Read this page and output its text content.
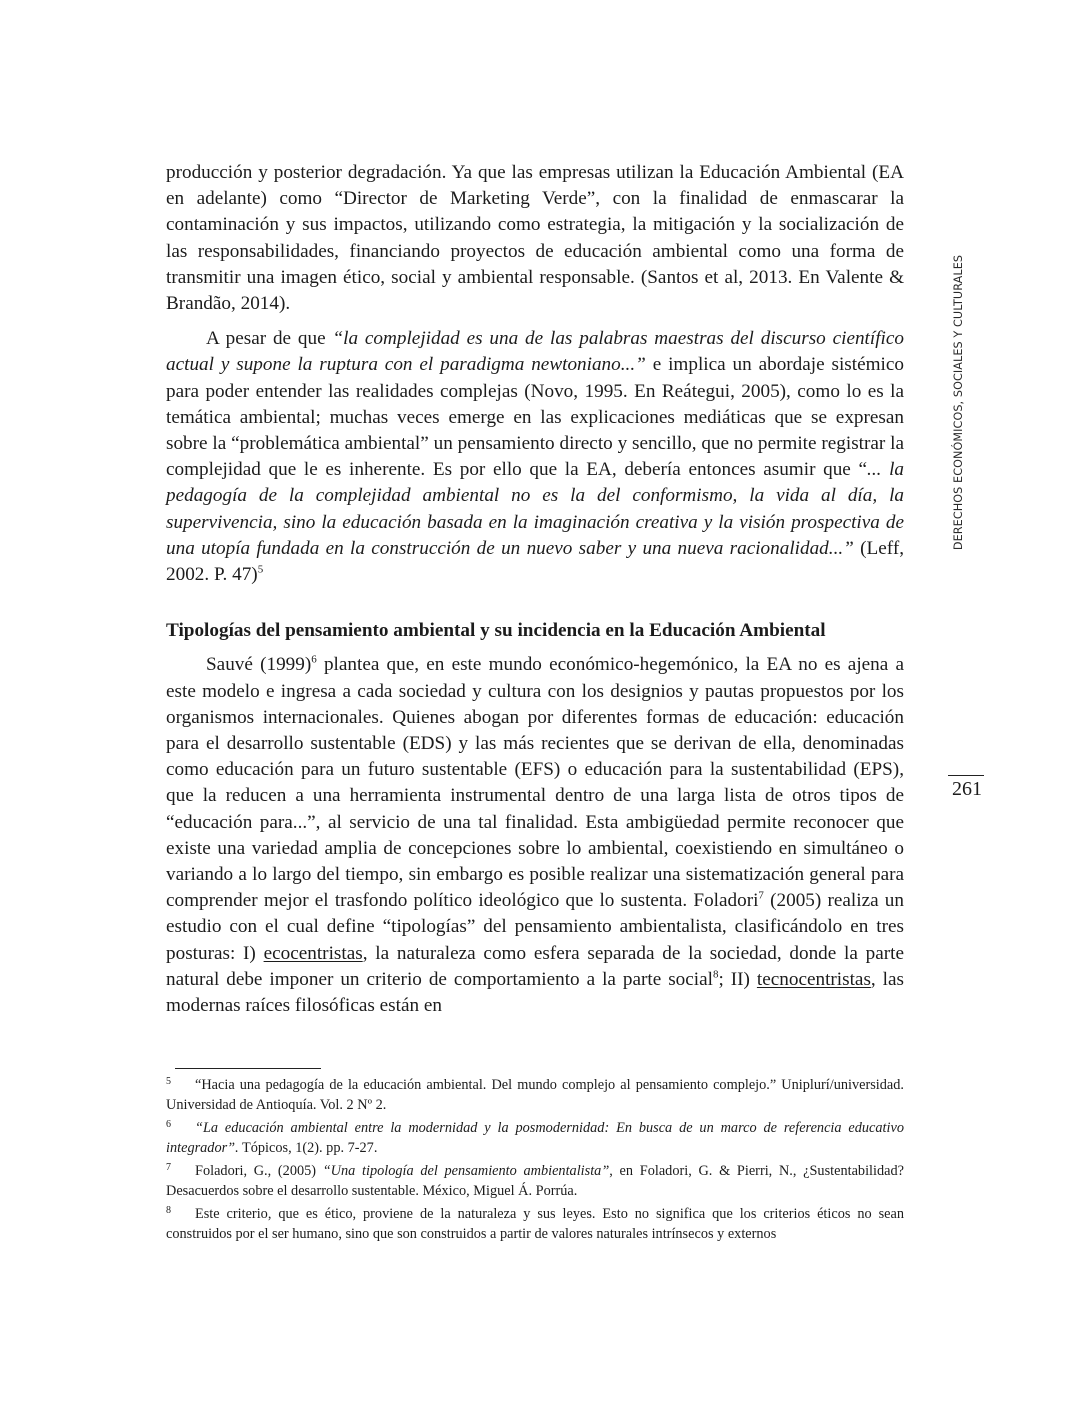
producción y posterior degradación. Ya que las empresas utilizan la Educación Ambiental (EA en adelante) como “Director de Marketing Verde”, con la finalidad de enmascarar la contaminación y sus impactos, utilizando como estrategia, la mitigación y la socialización de las responsabilidades, financiando proyectos de educación ambiental como una forma de transmitir una imagen ético, social y ambiental responsable. (Santos et al, 2013. En Valente & Brandão, 2014).

A pesar de que “la complejidad es una de las palabras maestras del discurso científico actual y supone la ruptura con el paradigma newtoniano...” e implica un abordaje sistémico para poder entender las realidades complejas (Novo, 1995. En Reátegui, 2005), como lo es la temática ambiental; muchas veces emerge en las explicaciones mediáticas que se expresan sobre la “problemática ambiental” un pensamiento directo y sencillo, que no permite registrar la complejidad que le es inherente. Es por ello que la EA, debería entonces asumir que “... la pedagogía de la complejidad ambiental no es la del conformismo, la vida al día, la supervivencia, sino la educación basada en la imaginación creativa y la visión prospectiva de una utopía fundada en la construcción de un nuevo saber y una nueva racionalidad...” (Leff, 2002. P. 47)$^5$

Tipologías del pensamiento ambiental y su incidencia en la Educación Ambiental

Sauvé (1999)$^6$ plantea que, en este mundo económico-hegemónico, la EA no es ajena a este modelo e ingresa a cada sociedad y cultura con los designios y pautas propuestos por los organismos internacionales. Quienes abogan por diferentes formas de educación: educación para el desarrollo sustentable (EDS) y las más recientes que se derivan de ella, denominadas como educación para un futuro sustentable (EFS) o educación para la sustentabilidad (EPS), que la reducen a una herramienta instrumental dentro de una larga lista de otros tipos de “educación para...”, al servicio de una tal finalidad. Esta ambigüedad permite reconocer que existe una variedad amplia de concepciones sobre lo ambiental, coexistiendo en simultáneo o variando a lo largo del tiempo, sin embargo es posible realizar una sistematización general para comprender mejor el trasfondo político ideológico que lo sustenta. Foladori$^7$ (2005) realiza un estudio con el cual define “tipologías” del pensamiento ambientalista, clasificándolo en tres posturas: I) ecocentristas, la naturaleza como esfera separada de la sociedad, donde la parte natural debe imponer un criterio de comportamiento a la parte social$^8$; II) tecnocentristas, las modernas raíces filosóficas están en

5 “Hacia una pedagogía de la educación ambiental. Del mundo complejo al pensamiento complejo.” Uniplurí/universidad. Universidad de Antioquía. Vol. 2 Nº 2.

6 “La educación ambiental entre la modernidad y la posmodernidad: En busca de un marco de referencia educativo integrador”. Tópicos, 1(2). pp. 7-27.

7 Foladori, G., (2005) “Una tipología del pensamiento ambientalista”, en Foladori, G. & Pierri, N., ¿Sustentabilidad? Desacuerdos sobre el desarrollo sustentable. México, Miguel Á. Porrúa.

8 Este criterio, que es ético, proviene de la naturaleza y sus leyes. Esto no significa que los criterios éticos no sean construidos por el ser humano, sino que son construidos a partir de valores naturales intrínsecos y externos

DERECHOS ECONÓMICOS, SOCIALES Y CULTURALES
261
